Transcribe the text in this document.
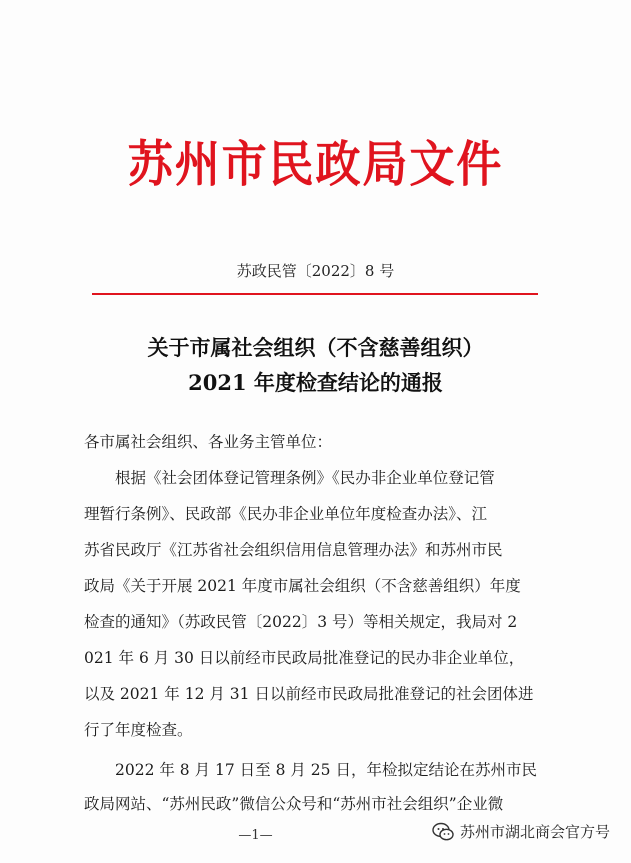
苏州市民政局文件
苏政民管〔2022〕8 号
关于市属社会组织（不含慈善组织）
2021 年度检查结论的通报
各市属社会组织、各业务主管单位：
　　根据《社会团体登记管理条例》《民办非企业单位登记管
理暂行条例》、民政部《民办非企业单位年度检查办法》、江
苏省民政厅《江苏省社会组织信用信息管理办法》和苏州市民
政局《关于开展 2021 年度市属社会组织（不含慈善组织）年度
检查的通知》（苏政民管〔2022〕3 号）等相关规定，我局对 2
021 年 6 月 30 日以前经市民政局批准登记的民办非企业单位，
以及 2021 年 12 月 31 日以前经市民政局批准登记的社会团体进
行了年度检查。
　　2022 年 8 月 17 日至 8 月 25 日，年检拟定结论在苏州市民
政局网站、“苏州民政”微信公众号和“苏州市社会组织”企业微
—1—	苏州市湖北商会官方号
